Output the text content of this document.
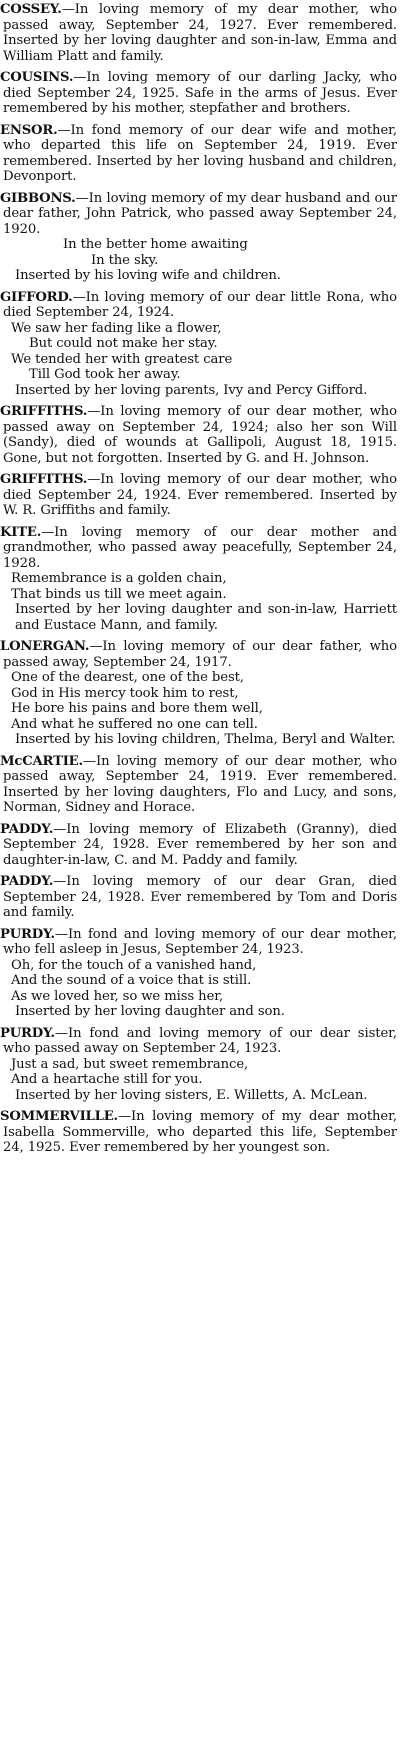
COSSEY.—In loving memory of my dear mother, who passed away, September 24, 1927. Ever remembered. Inserted by her loving daughter and son-in-law, Emma and William Platt and family.
COUSINS.—In loving memory of our darling Jacky, who died September 24, 1925. Safe in the arms of Jesus. Ever remembered by his mother, stepfather and brothers.
ENSOR.—In fond memory of our dear wife and mother, who departed this life on September 24, 1919. Ever remembered. Inserted by her loving husband and children, Devonport.
GIBBONS.—In loving memory of my dear husband and our dear father, John Patrick, who passed away September 24, 1920.
In the better home awaiting
In the sky.
Inserted by his loving wife and children.
GIFFORD.—In loving memory of our dear little Rona, who died September 24, 1924.
We saw her fading like a flower,
But could not make her stay.
We tended her with greatest care
Till God took her away.
Inserted by her loving parents, Ivy and Percy Gifford.
GRIFFITHS.—In loving memory of our dear mother, who passed away on September 24, 1924; also her son Will (Sandy), died of wounds at Gallipoli, August 18, 1915. Gone, but not forgotten. Inserted by G. and H. Johnson.
GRIFFITHS.—In loving memory of our dear mother, who died September 24, 1924. Ever remembered. Inserted by W. R. Griffiths and family.
KITE.—In loving memory of our dear mother and grandmother, who passed away peacefully, September 24, 1928.
Remembrance is a golden chain,
That binds us till we meet again.
Inserted by her loving daughter and son-in-law, Harriett and Eustace Mann, and family.
LONERGAN.—In loving memory of our dear father, who passed away, September 24, 1917.
One of the dearest, one of the best,
God in His mercy took him to rest,
He bore his pains and bore them well,
And what he suffered no one can tell.
Inserted by his loving children, Thelma, Beryl and Walter.
McCARTIE.—In loving memory of our dear mother, who passed away, September 24, 1919. Ever remembered. Inserted by her loving daughters, Flo and Lucy, and sons, Norman, Sidney and Horace.
PADDY.—In loving memory of Elizabeth (Granny), died September 24, 1928. Ever remembered by her son and daughter-in-law, C. and M. Paddy and family.
PADDY.—In loving memory of our dear Gran, died September 24, 1928. Ever remembered by Tom and Doris and family.
PURDY.—In fond and loving memory of our dear mother, who fell asleep in Jesus, September 24, 1923.
Oh, for the touch of a vanished hand,
And the sound of a voice that is still.
As we loved her, so we miss her,
Inserted by her loving daughter and son.
PURDY.—In fond and loving memory of our dear sister, who passed away on September 24, 1923.
Just a sad, but sweet remembrance,
And a heartache still for you.
Inserted by her loving sisters, E. Willetts, A. McLean.
SOMMERVILLE.—In loving memory of my dear mother, Isabella Sommerville, who departed this life, September 24, 1925. Ever remembered by her youngest son.
